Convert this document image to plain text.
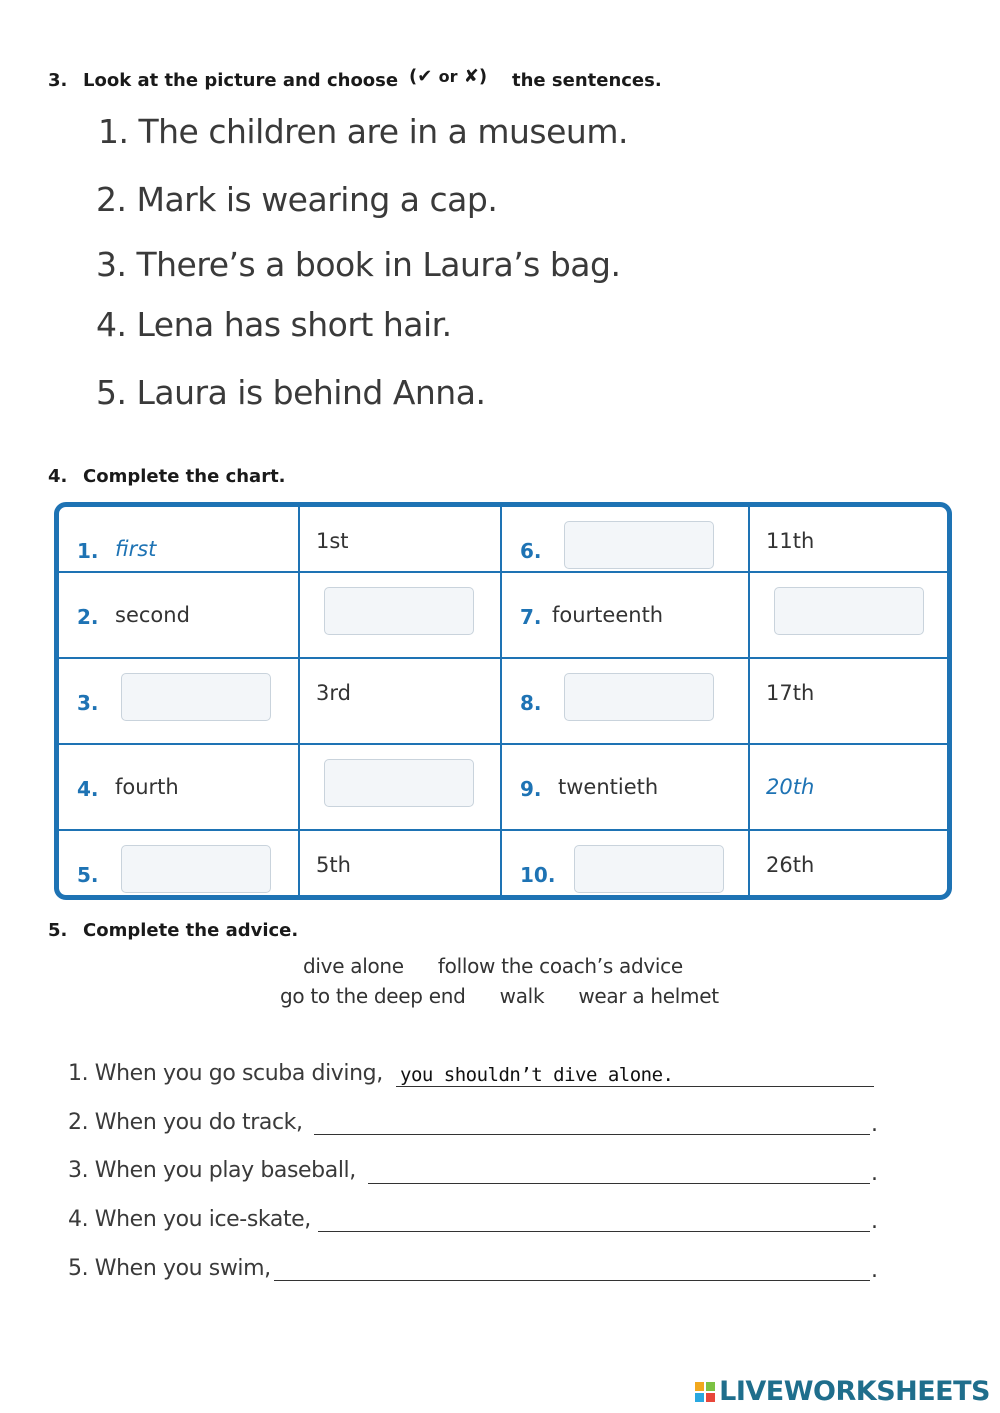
3. Look at the picture and choose (✔ or ✘) the sentences.
1. The children are in a museum.
2. Mark is wearing a cap.
3. There’s a book in Laura’s bag.
4. Lena has short hair.
5. Laura is behind Anna.
4. Complete the chart.
1. first	1st	6.	11th

2. second		7. fourteenth	

3.	3rd	8.	17th

4. fourth		9. twentieth	20th

5.	5th	10.	26th
5. Complete the advice.
dive alone follow the coach’s advice
go to the deep end walk wear a helmet
1. When you go scuba diving, you shouldn’t dive alone.
2. When you do track,	.
3. When you play baseball,	.
4. When you ice-skate,	.
5. When you swim,	.
LIVEWORKSHEETS
